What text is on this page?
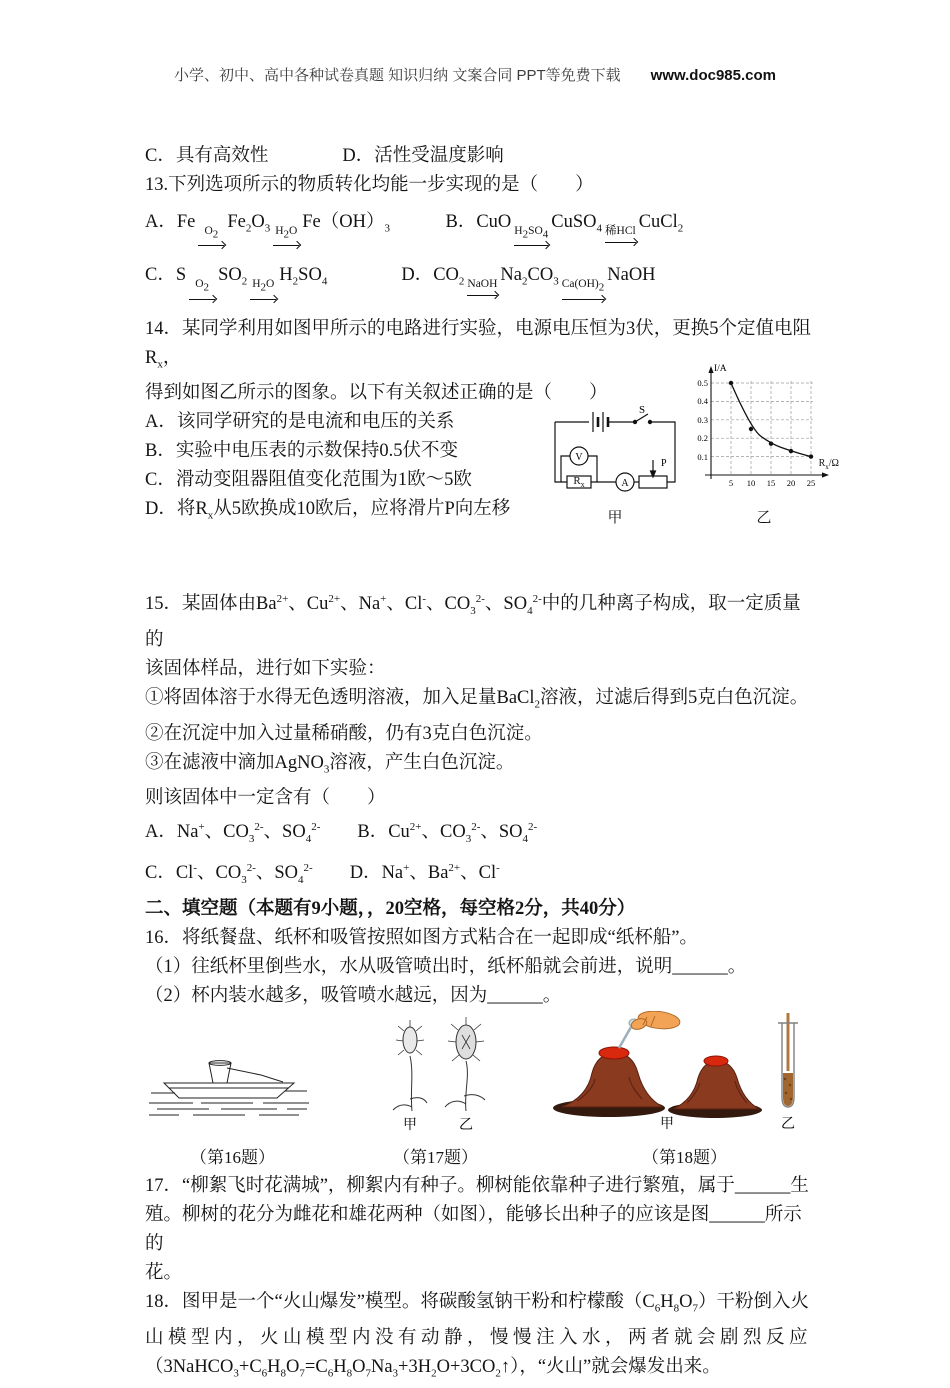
小学、初中、高中各种试卷真题 知识归纳 文案合同 PPT等免费下载 www.doc985.com

C．具有高效性　　　　D．活性受温度影响

13.下列选项所示的物质转化均能一步实现的是（　　）

A．Fe $O_2$
$Fe_2O_3$ $H_2O$ $Fe(OH)_3$　　　B．CuO $H_2SO_4$
CuSO$_4$ 稀HCl CuCl$_2$

C．S $O_2$
$SO_2$ $H_2O$ $H_2SO_4$　　　　D．$CO_2$ NaOH $Na_2CO_3$ $Ca(OH)_2$
NaOH

14．某同学利用如图甲所示的电路进行实验，电源电压恒为3伏，更换5个定值电阻$R_x$，

得到如图乙所示的图象。以下有关叙述正确的是（　　）

A．该同学研究的是电流和电压的关系

B．实验中电压表的示数保持0.5伏不变

C．滑动变阻器阻值变化范围为1欧～5欧

D．将$R_x$从5欧换成10欧后，应将滑片P向左移

S
V
A
P
$R_x$
甲
I/A
0.5
0.4
0.3
0.2
0.1
5 10 15 20 25
$R_x/\Omega$
乙

15．某固体由$Ba^{2+}$、$Cu^{2+}$、Na+、Cl-、$CO_3^{2-}$、$SO_4^{2-}$中的几种离子构成，取一定质量的

该固体样品，进行如下实验：

①将固体溶于水得无色透明溶液，加入足量BaCl$_2$溶液，过滤后得到5克白色沉淀。

②在沉淀中加入过量稀硝酸，仍有3克白色沉淀。

③在滤液中滴加AgNO$_3$溶液，产生白色沉淀。

则该固体中一定含有（　　）

A．Na+、$CO_3^{2-}$、$SO_4^{2-}$　　B．$Cu^{2+}$、$CO_3^{2-}$、$SO_4^{2-}$

C．Cl-、$CO_3^{2-}$、$SO_4^{2-}$　　D．Na+、$Ba^{2+}$、Cl-

二、填空题（本题有9小题，，20空格，每空格2分，共40分）

16．将纸餐盘、纸杯和吸管按照如图方式粘合在一起即成“纸杯船”。

（1）往纸杯里倒些水，水从吸管喷出时，纸杯船就会前进，说明______。

（2）杯内装水越多，吸管喷水越远，因为______。

甲	乙	甲	乙
（第16题）	（第17题）	（第18题）

17．“柳絮飞时花满城”，柳絮内有种子。柳树能依靠种子进行繁殖，属于______生

殖。柳树的花分为雌花和雄花两种（如图），能够长出种子的应该是图______所示的

花。

18．图甲是一个“火山爆发”模型。将碳酸氢钠干粉和柠檬酸$(C_6H_8O_7)$干粉倒入火

山模型内，火山模型内没有动静，慢慢注入水，两者就会剧烈反应

$(3NaHCO_3+C_6H_8O_7=C_6H_8O_7Na_3+3H_2O+3CO_2↑)$，“火山”就会爆发出来。
